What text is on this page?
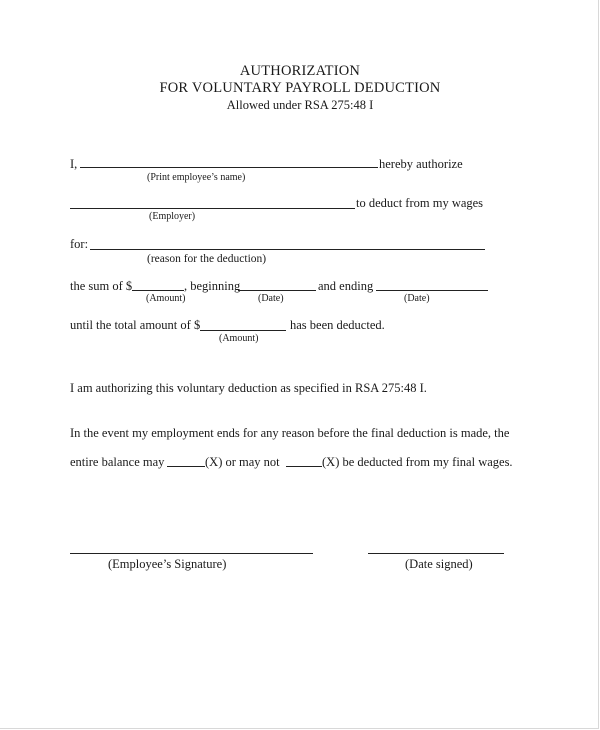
AUTHORIZATION
FOR VOLUNTARY PAYROLL DEDUCTION
Allowed under RSA 275:48 I
I,	hereby authorize
(Print employee’s name)
to deduct from my wages
(Employer)
for:
(reason for the deduction)
the sum of $	, beginning	and ending
(Amount)	(Date)	(Date)
until the total amount of $	has been deducted.
(Amount)
I am authorizing this voluntary deduction as specified in RSA 275:48 I.
In the event my employment ends for any reason before the final deduction is made, the
entire balance may	(X) or may not	(X) be deducted from my final wages.
(Employee’s Signature)	(Date signed)
